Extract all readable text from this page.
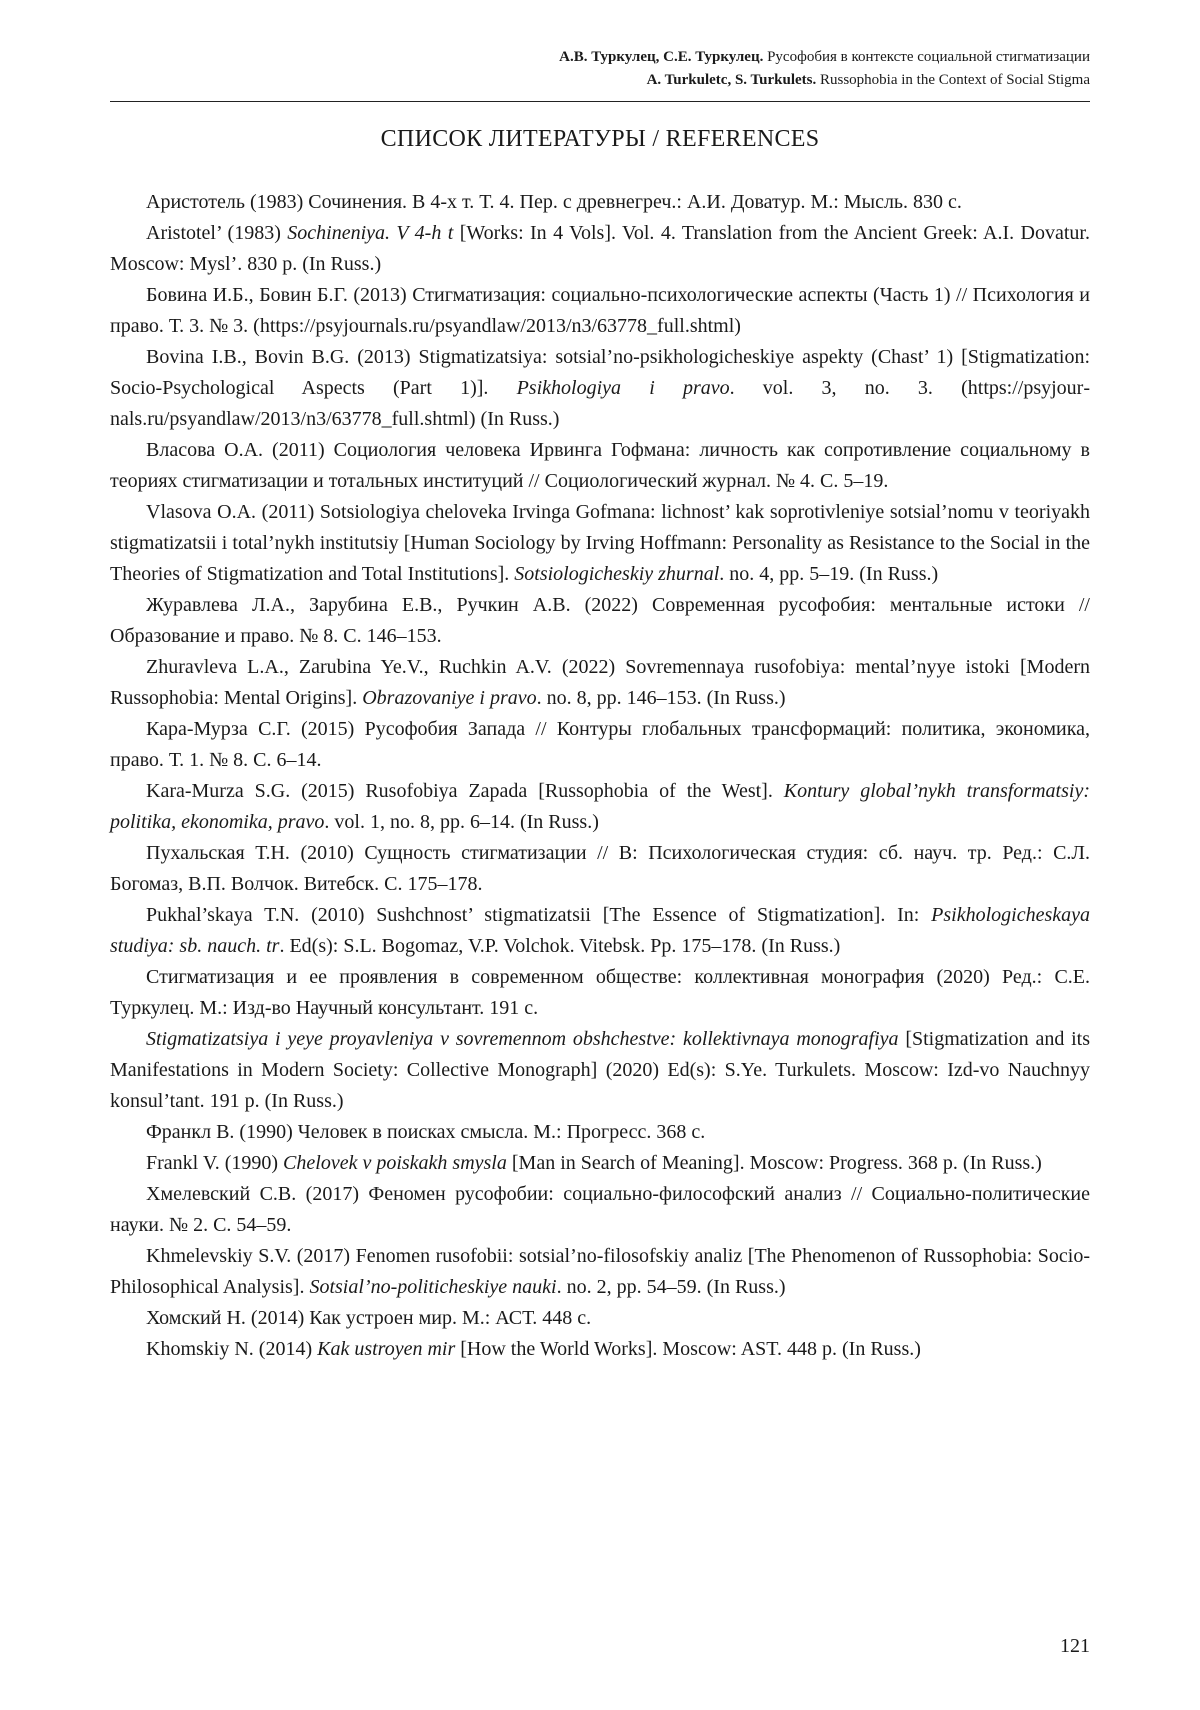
А.В. Туркулец, С.Е. Туркулец. Русофобия в контексте социальной стигматизации
A. Turkuletc, S. Turkulets. Russophobia in the Context of Social Stigma
СПИСОК ЛИТЕРАТУРЫ / REFERENCES

Аристотель (1983) Сочинения. В 4-х т. Т. 4. Пер. с древнегреч.: А.И. Доватур. М.: Мысль. 830 с.

Aristotel’ (1983) Sochineniya. V 4-h t [Works: In 4 Vols]. Vol. 4. Translation from the Ancient Greek: A.I. Dovatur. Moscow: Mysl’. 830 p. (In Russ.)

Бовина И.Б., Бовин Б.Г. (2013) Стигматизация: социально-психологические аспекты (Часть 1) // Психология и право. Т. 3. № 3. (https://psyjournals.ru/psyandlaw/2013/n3/63778_full.shtml)

Bovina I.B., Bovin B.G. (2013) Stigmatizatsiya: sotsial’no-psikhologicheskiye aspekty (Chast’ 1) [Stigmatization: Socio-Psychological Aspects (Part 1)]. Psikhologiya i pravo. vol. 3, no. 3. (https://psyjournals.ru/psyandlaw/2013/n3/63778_full.shtml) (In Russ.)

Власова О.А. (2011) Социология человека Ирвинга Гофмана: личность как сопротивление социальному в теориях стигматизации и тотальных институций // Социологический журнал. № 4. С. 5–19.

Vlasova O.A. (2011) Sotsiologiya cheloveka Irvinga Gofmana: lichnost’ kak soprotivleniye sotsial’nomu v teoriyakh stigmatizatsii i total’nykh institutsiy [Human Sociology by Irving Hoffmann: Personality as Resistance to the Social in the Theories of Stigmatization and Total Institutions]. Sotsiologicheskiy zhurnal. no. 4, pp. 5–19. (In Russ.)

Журавлева Л.А., Зарубина Е.В., Ручкин А.В. (2022) Современная русофобия: ментальные истоки // Образование и право. № 8. С. 146–153.

Zhuravleva L.A., Zarubina Ye.V., Ruchkin A.V. (2022) Sovremennaya rusofobiya: mental’nyye istoki [Modern Russophobia: Mental Origins]. Obrazovaniye i pravo. no. 8, pp. 146–153. (In Russ.)

Кара-Мурза С.Г. (2015) Русофобия Запада // Контуры глобальных трансформаций: политика, экономика, право. Т. 1. № 8. С. 6–14.

Kara-Murza S.G. (2015) Rusofobiya Zapada [Russophobia of the West]. Kontury global’nykh transformatsiy: politika, ekonomika, pravo. vol. 1, no. 8, pp. 6–14. (In Russ.)

Пухальская Т.Н. (2010) Сущность стигматизации // В: Психологическая студия: сб. науч. тр. Ред.: С.Л. Богомаз, В.П. Волчок. Витебск. С. 175–178.

Pukhal’skaya T.N. (2010) Sushchnost’ stigmatizatsii [The Essence of Stigmatization]. In: Psikhologicheskaya studiya: sb. nauch. tr. Ed(s): S.L. Bogomaz, V.P. Volchok. Vitebsk. Pp. 175–178. (In Russ.)

Стигматизация и ее проявления в современном обществе: коллективная монография (2020) Ред.: С.Е. Туркулец. М.: Изд-во Научный консультант. 191 с.

Stigmatizatsiya i yeye proyavleniya v sovremennom obshchestve: kollektivnaya monografiya [Stigmatization and its Manifestations in Modern Society: Collective Monograph] (2020) Ed(s): S.Ye. Turkulets. Moscow: Izd-vo Nauchnyy konsul’tant. 191 p. (In Russ.)

Франкл В. (1990) Человек в поисках смысла. М.: Прогресс. 368 с.

Frankl V. (1990) Chelovek v poiskakh smysla [Man in Search of Meaning]. Moscow: Progress. 368 p. (In Russ.)

Хмелевский С.В. (2017) Феномен русофобии: социально-философский анализ // Социально-политические науки. № 2. С. 54–59.

Khmelevskiy S.V. (2017) Fenomen rusofobii: sotsial’no-filosofskiy analiz [The Phenomenon of Russophobia: Socio-Philosophical Analysis]. Sotsial’no-politicheskiye nauki. no. 2, pp. 54–59. (In Russ.)

Хомский Н. (2014) Как устроен мир. М.: АСТ. 448 с.

Khomskiy N. (2014) Kak ustroyen mir [How the World Works]. Moscow: AST. 448 p. (In Russ.)

121
